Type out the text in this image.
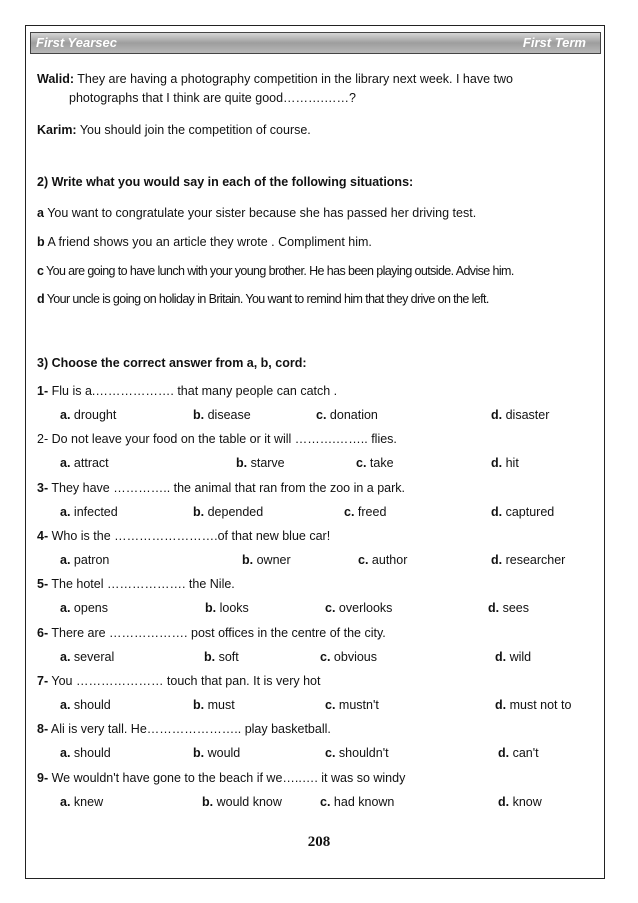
First Yearsec	First Term
Walid: They are having a photography competition in the library next week. I have two
photographs that I think are quite good……….……?
Karim: You should join the competition of course.
2) Write what you would say in each of the following situations:
a You want to congratulate your sister because she has passed her driving test.
b A friend shows you an article they wrote . Compliment him.
c You are going to have lunch with your young brother. He has been playing outside. Advise him.
d Your uncle is going on holiday in Britain. You want to remind him that they drive on the left.
3) Choose the correct answer from a, b, cord:
1- Flu is a.………………. that many people can catch .
a. drought	b. disease	c. donation	d. disaster
2- Do not leave your food on the table or it will ……….…….. flies.
a. attract	b. starve	c. take	d. hit
3- They have ………….. the animal that ran from the zoo in a park.
a. infected	b. depended	c. freed	d. captured
4- Who is the …………………….of that new blue car!
a. patron	b. owner	c. author	d. researcher
5- The hotel ………………. the Nile.
a. opens	b. looks	c. overlooks	d. sees
6- There are ………………. post offices in the centre of the city.
a. several	b. soft	c. obvious	d. wild
7- You ………………… touch that pan. It is very hot
a. should	b. must	c. mustn't	d. must not to
8- Ali is very tall. He………………….. play basketball.
a. should	b. would	c. shouldn't	d. can't
9- We wouldn't have gone to the beach if we…..…. it was so windy
a. knew	b. would know	c. had known	d. know
208
